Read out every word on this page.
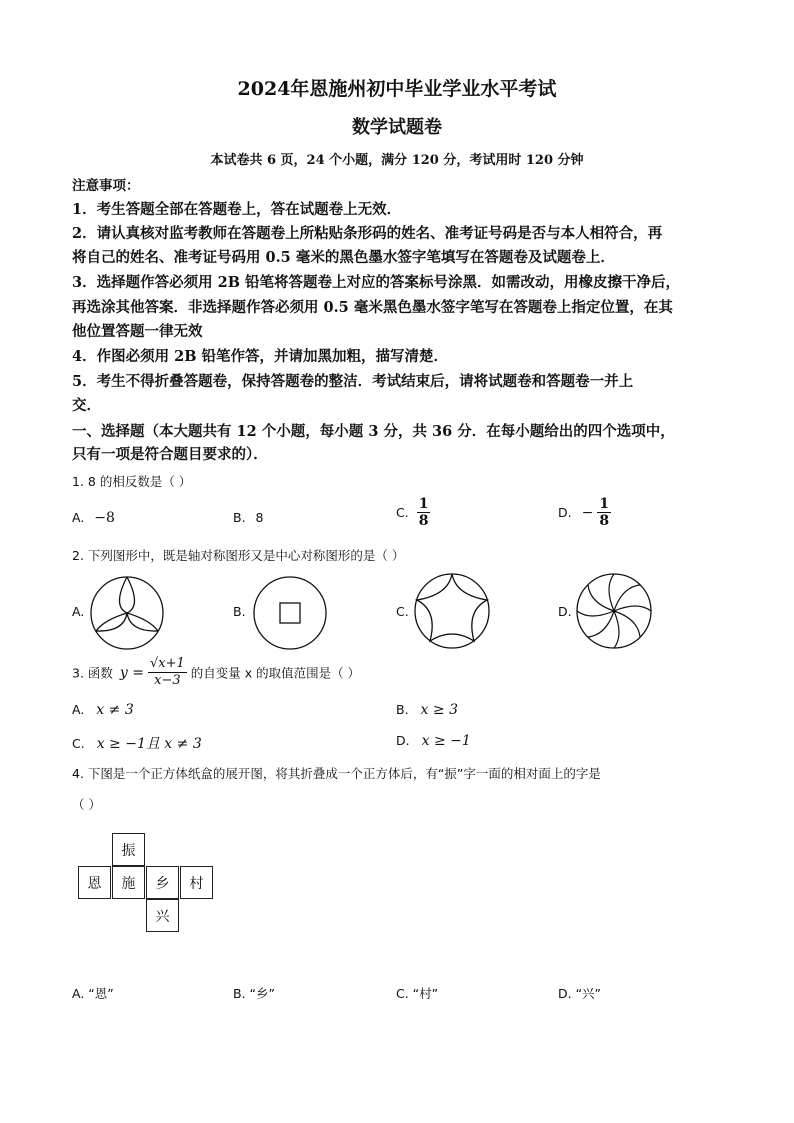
2024年恩施州初中毕业学业水平考试
数学试题卷
本试卷共 6 页，24 个小题，满分 120 分，考试用时 120 分钟
注意事项：
1．考生答题全部在答题卷上，答在试题卷上无效．
2．请认真核对监考教师在答题卷上所粘贴条形码的姓名、准考证号码是否与本人相符合，再
将自己的姓名、准考证号码用 0.5 毫米的黑色墨水签字笔填写在答题卷及试题卷上．
3．选择题作答必须用 2B 铅笔将答题卷上对应的答案标号涂黑．如需改动，用橡皮擦干净后，
再选涂其他答案．非选择题作答必须用 0.5 毫米黑色墨水签字笔写在答题卷上指定位置，在其
他位置答题一律无效
4．作图必须用 2B 铅笔作答，并请加黑加粗，描写清楚．
5．考生不得折叠答题卷，保持答题卷的整洁．考试结束后，请将试题卷和答题卷一并上
交．
一、选择题（本大题共有 12 个小题，每小题 3 分，共 36 分．在每小题给出的四个选项中，
只有一项是符合题目要求的）．
1. 8 的相反数是（ ）
A. −8	B. 8	C. $\frac{1}{8}$	D. − $\frac{1}{8}$
2. 下列图形中，既是轴对称图形又是中心对称图形的是（ ）
A.	B.	C.	D.
3. 函数 $y = \frac{√x+1}{x-3}$ 的自变量 x 的取值范围是（ ）
A. x ≠ 3	B. x ≥ 3
C. x ≥ −1且 x ≠ 3	D. x ≥ −1
4. 下图是一个正方体纸盒的展开图，将其折叠成一个正方体后，有“振”字一面的相对面上的字是
（ ）
振
恩	施	乡	村
兴
A. “恩”	B. “乡”	C. “村”	D. “兴”
